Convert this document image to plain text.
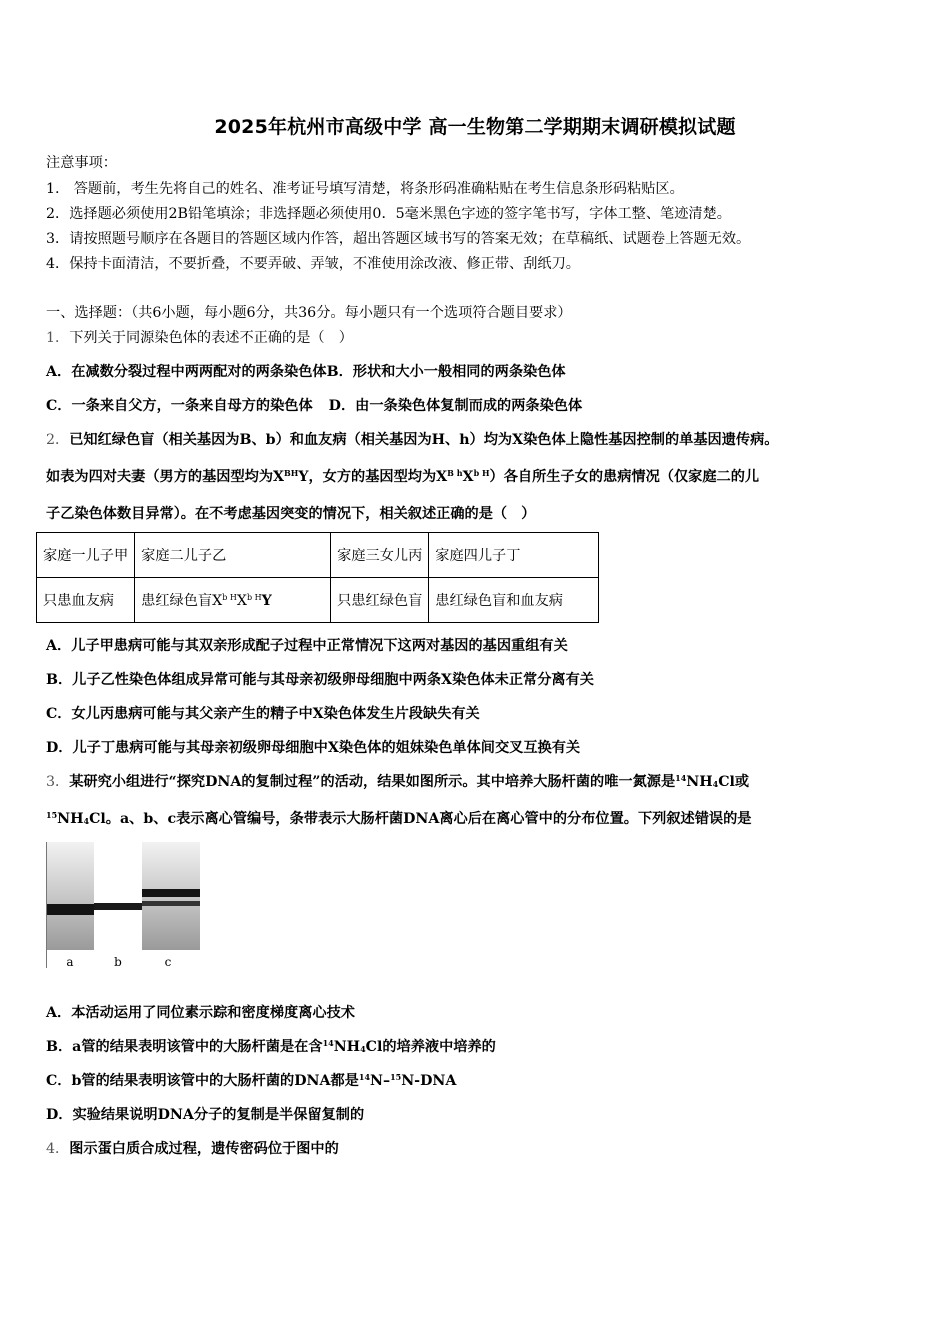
2025年杭州市高级中学 高一生物第二学期期末调研模拟试题
注意事项：
1.　答题前，考生先将自己的姓名、准考证号填写清楚，将条形码准确粘贴在考生信息条形码粘贴区。
2．选择题必须使用2B铅笔填涂；非选择题必须使用0．5毫米黑色字迹的签字笔书写，字体工整、笔迹清楚。
3．请按照题号顺序在各题目的答题区域内作答，超出答题区域书写的答案无效；在草稿纸、试题卷上答题无效。
4．保持卡面清洁，不要折叠，不要弄破、弄皱，不准使用涂改液、修正带、刮纸刀。
一、选择题：（共6小题，每小题6分，共36分。每小题只有一个选项符合题目要求）
1．下列关于同源染色体的表述不正确的是（　）
A．在减数分裂过程中两两配对的两条染色体B．形状和大小一般相同的两条染色体
C．一条来自父方，一条来自母方的染色体 D．由一条染色体复制而成的两条染色体
2．已知红绿色盲（相关基因为B、b）和血友病（相关基因为H、h）均为X染色体上隐性基因控制的单基因遗传病。
如表为四对夫妻（男方的基因型均为$X^{BH}Y$，女方的基因型均为$X^{B h}X^{b H}$）各自所生子女的患病情况（仅家庭二的儿
子乙染色体数目异常）。在不考虑基因突变的情况下，相关叙述正确的是（　）
家庭一儿子甲	家庭二儿子乙	家庭三女儿丙	家庭四儿子丁
只患血友病	患红绿色盲$X^{b H}X^{b H}Y$	只患红绿色盲	患红绿色盲和血友病
A．儿子甲患病可能与其双亲形成配子过程中正常情况下这两对基因的基因重组有关
B．儿子乙性染色体组成异常可能与其母亲初级卵母细胞中两条X染色体未正常分离有关
C．女儿丙患病可能与其父亲产生的精子中X染色体发生片段缺失有关
D．儿子丁患病可能与其母亲初级卵母细胞中X染色体的姐妹染色单体间交叉互换有关
3．某研究小组进行“探究DNA的复制过程”的活动，结果如图所示。其中培养大肠杆菌的唯一氮源是$^{14}NH_4Cl$或
$^{15}NH_4Cl$。a、b、c表示离心管编号，条带表示大肠杆菌DNA离心后在离心管中的分布位置。下列叙述错误的是
a	b	c
A．本活动运用了同位素示踪和密度梯度离心技术
B．a管的结果表明该管中的大肠杆菌是在含$^{14}NH_4Cl$的培养液中培养的
C．b管的结果表明该管中的大肠杆菌的DNA都是$^{14}$N–$^{15}$N-DNA
D．实验结果说明DNA分子的复制是半保留复制的
4．图示蛋白质合成过程，遗传密码位于图中的
